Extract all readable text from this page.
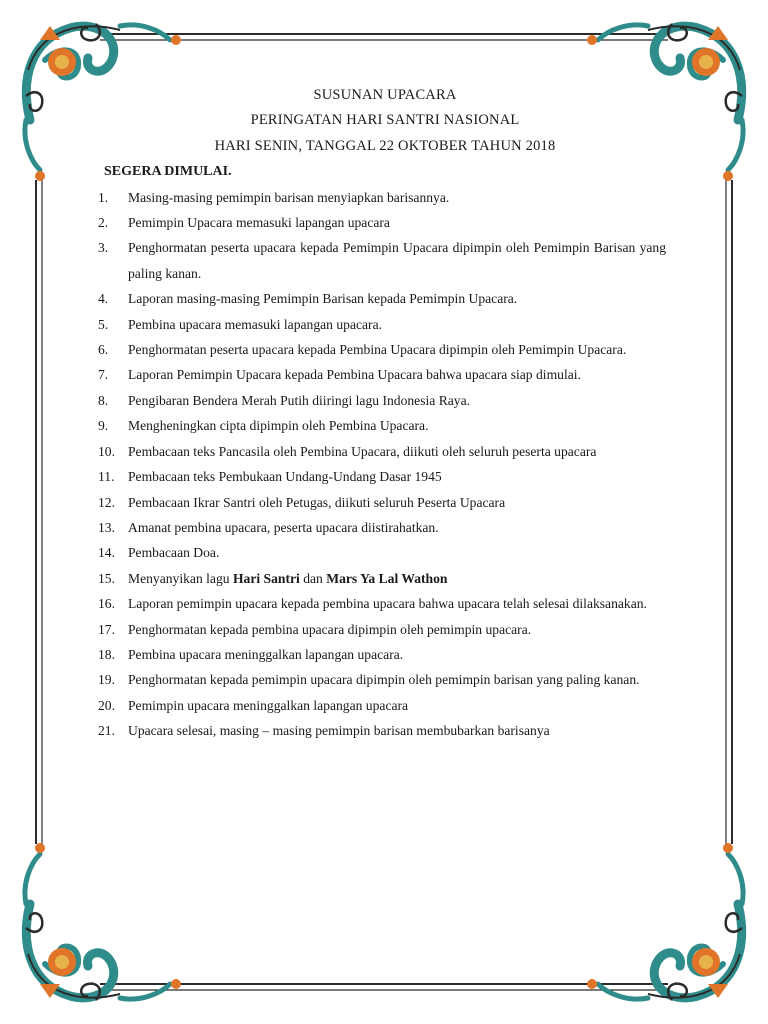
SUSUNAN UPACARA
PERINGATAN HARI SANTRI NASIONAL
HARI SENIN, TANGGAL 22 OKTOBER TAHUN 2018
SEGERA DIMULAI.
1. Masing-masing pemimpin barisan menyiapkan barisannya.
2. Pemimpin Upacara memasuki lapangan upacara
3. Penghormatan peserta upacara kepada Pemimpin Upacara dipimpin oleh Pemimpin Barisan yang paling kanan.
4. Laporan masing-masing Pemimpin Barisan kepada Pemimpin Upacara.
5. Pembina upacara memasuki lapangan upacara.
6. Penghormatan peserta upacara kepada Pembina Upacara dipimpin oleh Pemimpin Upacara.
7. Laporan Pemimpin Upacara kepada Pembina Upacara bahwa upacara siap dimulai.
8. Pengibaran Bendera Merah Putih diiringi lagu Indonesia Raya.
9. Mengheningkan cipta dipimpin oleh Pembina Upacara.
10. Pembacaan teks Pancasila oleh Pembina Upacara, diikuti oleh seluruh peserta upacara
11. Pembacaan teks Pembukaan Undang-Undang Dasar 1945
12. Pembacaan Ikrar Santri oleh Petugas, diikuti seluruh Peserta Upacara
13. Amanat pembina upacara, peserta upacara diistirahatkan.
14. Pembacaan Doa.
15. Menyanyikan lagu Hari Santri dan Mars Ya Lal Wathon
16. Laporan pemimpin upacara kepada pembina upacara bahwa upacara telah selesai dilaksanakan.
17. Penghormatan kepada pembina upacara dipimpin oleh pemimpin upacara.
18. Pembina upacara meninggalkan lapangan upacara.
19. Penghormatan kepada pemimpin upacara dipimpin oleh pemimpin barisan yang paling kanan.
20. Pemimpin upacara meninggalkan lapangan upacara
21. Upacara selesai, masing – masing pemimpin barisan membubarkan barisanya
